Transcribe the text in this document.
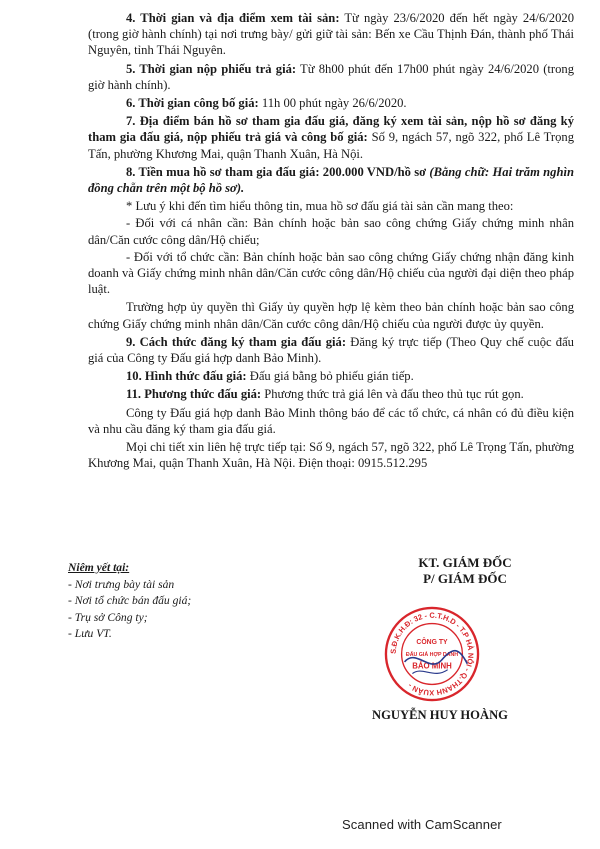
4. Thời gian và địa điểm xem tài sản: Từ ngày 23/6/2020 đến hết ngày 24/6/2020 (trong giờ hành chính) tại nơi trưng bày/ gửi giữ tài sản: Bến xe Cầu Thịnh Đán, thành phố Thái Nguyên, tỉnh Thái Nguyên.

5. Thời gian nộp phiếu trả giá: Từ 8h00 phút đến 17h00 phút ngày 24/6/2020 (trong giờ hành chính).

6. Thời gian công bố giá: 11h 00 phút ngày 26/6/2020.

7. Địa điểm bán hồ sơ tham gia đấu giá, đăng ký xem tài sản, nộp hồ sơ đăng ký tham gia đấu giá, nộp phiếu trả giá và công bố giá: Số 9, ngách 57, ngõ 322, phố Lê Trọng Tấn, phường Khương Mai, quận Thanh Xuân, Hà Nội.

8. Tiền mua hồ sơ tham gia đấu giá: 200.000 VND/hồ sơ (Bằng chữ: Hai trăm nghìn đồng chẵn trên một bộ hồ sơ).

* Lưu ý khi đến tìm hiểu thông tin, mua hồ sơ đấu giá tài sản cần mang theo:

- Đối với cá nhân cần: Bản chính hoặc bản sao công chứng Giấy chứng minh nhân dân/Căn cước công dân/Hộ chiếu;

- Đối với tổ chức cần: Bản chính hoặc bản sao công chứng Giấy chứng nhận đăng kinh doanh và Giấy chứng minh nhân dân/Căn cước công dân/Hộ chiếu của người đại diện theo pháp luật.

Trường hợp ủy quyền thì Giấy ủy quyền hợp lệ kèm theo bản chính hoặc bản sao công chứng Giấy chứng minh nhân dân/Căn cước công dân/Hộ chiếu của người được ủy quyền.

9. Cách thức đăng ký tham gia đấu giá: Đăng ký trực tiếp (Theo Quy chế cuộc đấu giá của Công ty Đấu giá hợp danh Bảo Minh).

10. Hình thức đấu giá: Đấu giá bằng bỏ phiếu gián tiếp.

11. Phương thức đấu giá: Phương thức trả giá lên và đấu theo thủ tục rút gọn.

Công ty Đấu giá hợp danh Bảo Minh thông báo để các tổ chức, cá nhân có đủ điều kiện và nhu cầu đăng ký tham gia đấu giá.

Mọi chi tiết xin liên hệ trực tiếp tại: Số 9, ngách 57, ngõ 322, phố Lê Trọng Tấn, phường Khương Mai, quận Thanh Xuân, Hà Nội. Điện thoại: 0915.512.295

Niêm yết tại:
- Nơi trưng bày tài sản
- Nơi tổ chức bán đấu giá;
- Trụ sở Công ty;
- Lưu VT.
KT. GIÁM ĐỐC
P/ GIÁM ĐỐC
S.Đ.K.H.Đ: 32 - C.T.H.D - T.P HÀ NỘI - Q.THANH XUÂN -
CÔNG TY
ĐẤU GIÁ HỢP DANH
BẢO MINH
NGUYỄN HUY HOÀNG
Scanned with CamScanner
